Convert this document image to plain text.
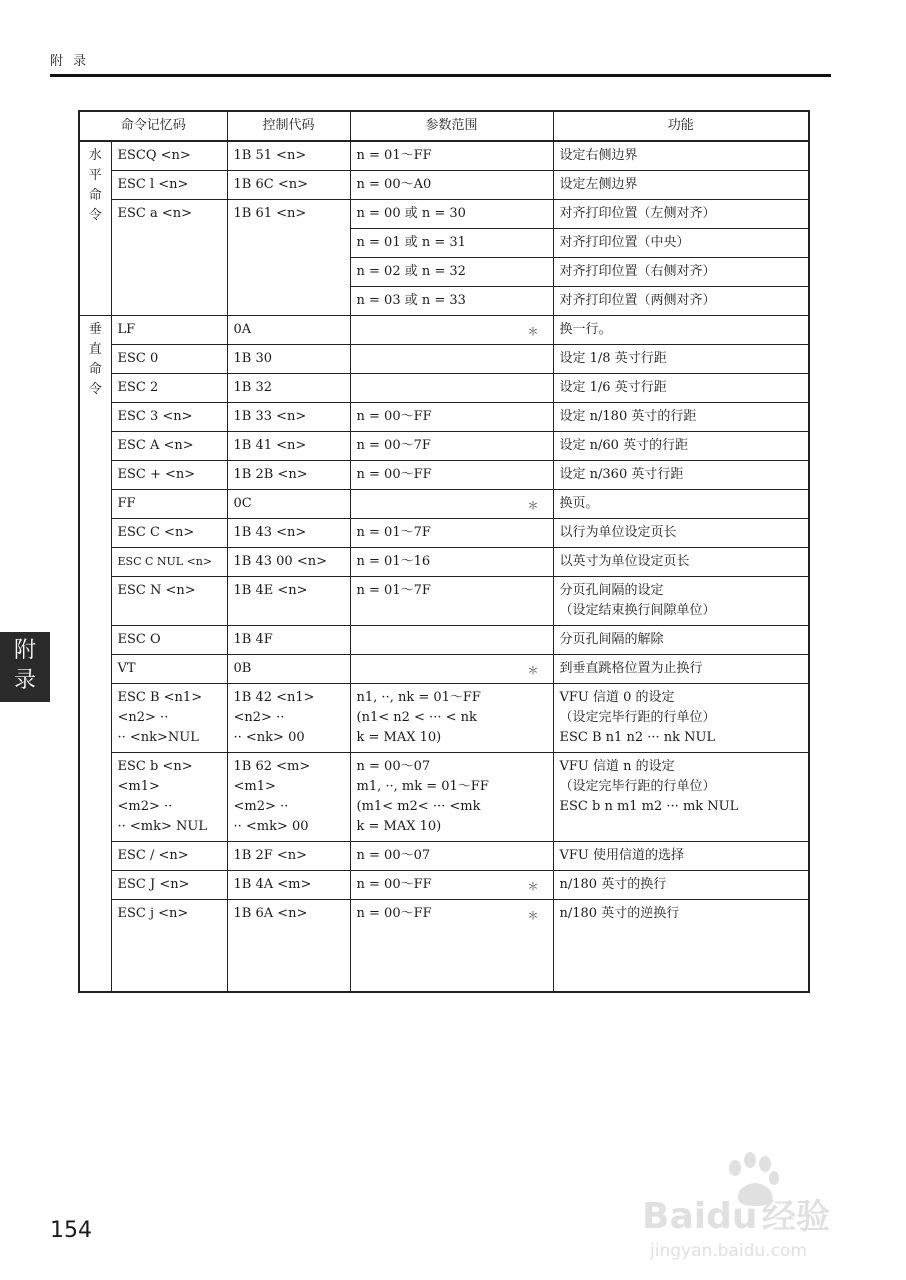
附 录
命令记忆码		控制代码	参数范围	功能

水
平
命
令	ESCQ <n>	1B 51 <n>	n = 01～FF	设定右侧边界
	ESC l <n>	1B 6C <n>	n = 00～A0	设定左侧边界
	ESC a <n>	1B 61 <n>	n = 00 或 n = 30	对齐打印位置（左侧对齐）
			n = 01 或 n = 31	对齐打印位置（中央）
			n = 02 或 n = 32	对齐打印位置（右侧对齐）
			n = 03 或 n = 33	对齐打印位置（两侧对齐）

垂
直
命
令	LF	0A	＊	换一行。
	ESC 0	1B 30		设定 1/8 英寸行距
	ESC 2	1B 32		设定 1/6 英寸行距
	ESC 3 <n>	1B 33 <n>	n = 00～FF	设定 n/180 英寸的行距
	ESC A <n>	1B 41 <n>	n = 00～7F	设定 n/60 英寸的行距
	ESC + <n>	1B 2B <n>	n = 00～FF	设定 n/360 英寸行距
	FF	0C	＊	换页。
	ESC C <n>	1B 43 <n>	n = 01～7F	以行为单位设定页长
	ESC C NUL <n>	1B 43 00 <n>	n = 01～16	以英寸为单位设定页长
	ESC N <n>	1B 4E <n>	n = 01～7F	分页孔间隔的设定
（设定结束换行间隙单位）
	ESC O	1B 4F		分页孔间隔的解除
	VT	0B	＊	到垂直跳格位置为止换行
	ESC B <n1>
<n2> ··
·· <nk>NUL	1B 42 <n1>
<n2> ··
·· <nk> 00	n1, ··, nk = 01～FF
(n1< n2 < ··· < nk
k = MAX 10)	VFU 信道 0 的设定
（设定完毕行距的行单位）
ESC B n1 n2 ··· nk NUL
	ESC b <n>
<m1>
<m2> ··
·· <mk> NUL	1B 62 <m>
<m1>
<m2> ··
·· <mk> 00	n = 00～07
m1, ··, mk = 01～FF
(m1< m2< ··· <mk
k = MAX 10)	VFU 信道 n 的设定
（设定完毕行距的行单位）
ESC b n m1 m2 ··· mk NUL
	ESC / <n>	1B 2F <n>	n = 00～07	VFU 使用信道的选择
	ESC J <n>	1B 4A <m>	n = 00～FF ＊	n/180 英寸的换行
	ESC j <n>	1B 6A <n>	n = 00～FF ＊	n/180 英寸的逆换行
附
录
154	Baidu 经验
jingyan.baidu.com
